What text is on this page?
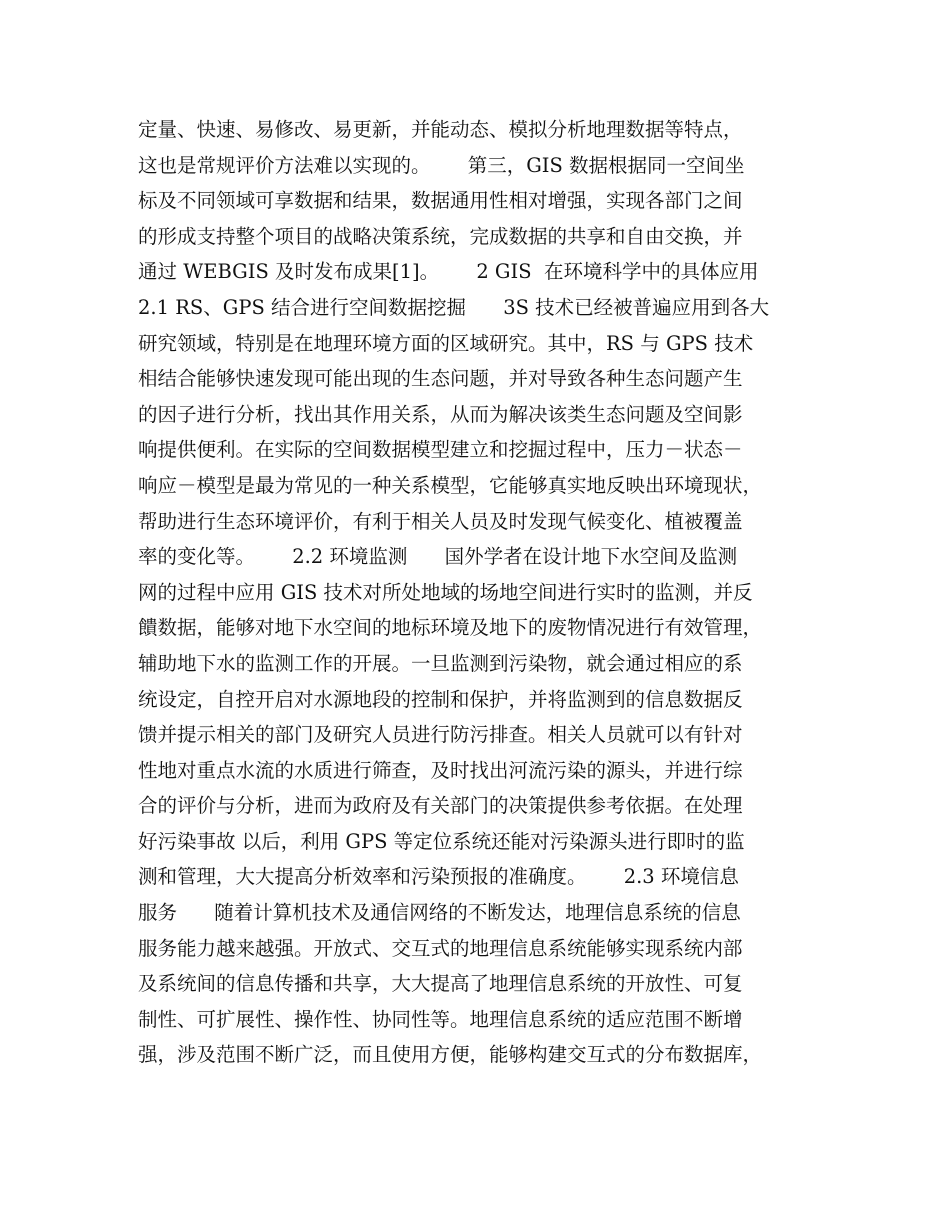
定量、快速、易修改、易更新，并能动态、模拟分析地理数据等特点，
这也是常规评价方法难以实现的。      第三，GIS 数据根据同一空间坐
标及不同领域可享数据和结果，数据通用性相对增强，实现各部门之间
的形成支持整个项目的战略决策系统，完成数据的共享和自由交换，并
通过 WEBGIS 及时发布成果[1]。      2 GIS  在环境科学中的具体应用
2.1 RS、GPS 结合进行空间数据挖掘      3S 技术已经被普遍应用到各大
研究领域，特别是在地理环境方面的区域研究。其中，RS 与 GPS 技术
相结合能够快速发现可能出现的生态问题，并对导致各种生态问题产生
的因子进行分析，找出其作用关系，从而为解决该类生态问题及空间影
响提供便利。在实际的空间数据模型建立和挖掘过程中，压力－状态－
响应－模型是最为常见的一种关系模型，它能够真实地反映出环境现状，
帮助进行生态环境评价，有利于相关人员及时发现气候变化、植被覆盖
率的变化等。      2.2 环境监测      国外学者在设计地下水空间及监测
网的过程中应用 GIS 技术对所处地域的场地空间进行实时的监测，并反
饋数据，能够对地下水空间的地标环境及地下的废物情况进行有效管理，
辅助地下水的监测工作的开展。一旦监测到污染物，就会通过相应的系
统设定，自控开启对水源地段的控制和保护，并将监测到的信息数据反
馈并提示相关的部门及研究人员进行防污排查。相关人员就可以有针对
性地对重点水流的水质进行筛查，及时找出河流污染的源头，并进行综
合的评价与分析，进而为政府及有关部门的决策提供参考依据。在处理
好污染事故 以后，利用 GPS 等定位系统还能对污染源头进行即时的监
测和管理，大大提高分析效率和污染预报的准确度。      2.3 环境信息
服务      随着计算机技术及通信网络的不断发达，地理信息系统的信息
服务能力越来越强。开放式、交互式的地理信息系统能够实现系统内部
及系统间的信息传播和共享，大大提高了地理信息系统的开放性、可复
制性、可扩展性、操作性、协同性等。地理信息系统的适应范围不断增
强，涉及范围不断广泛，而且使用方便，能够构建交互式的分布数据库，
